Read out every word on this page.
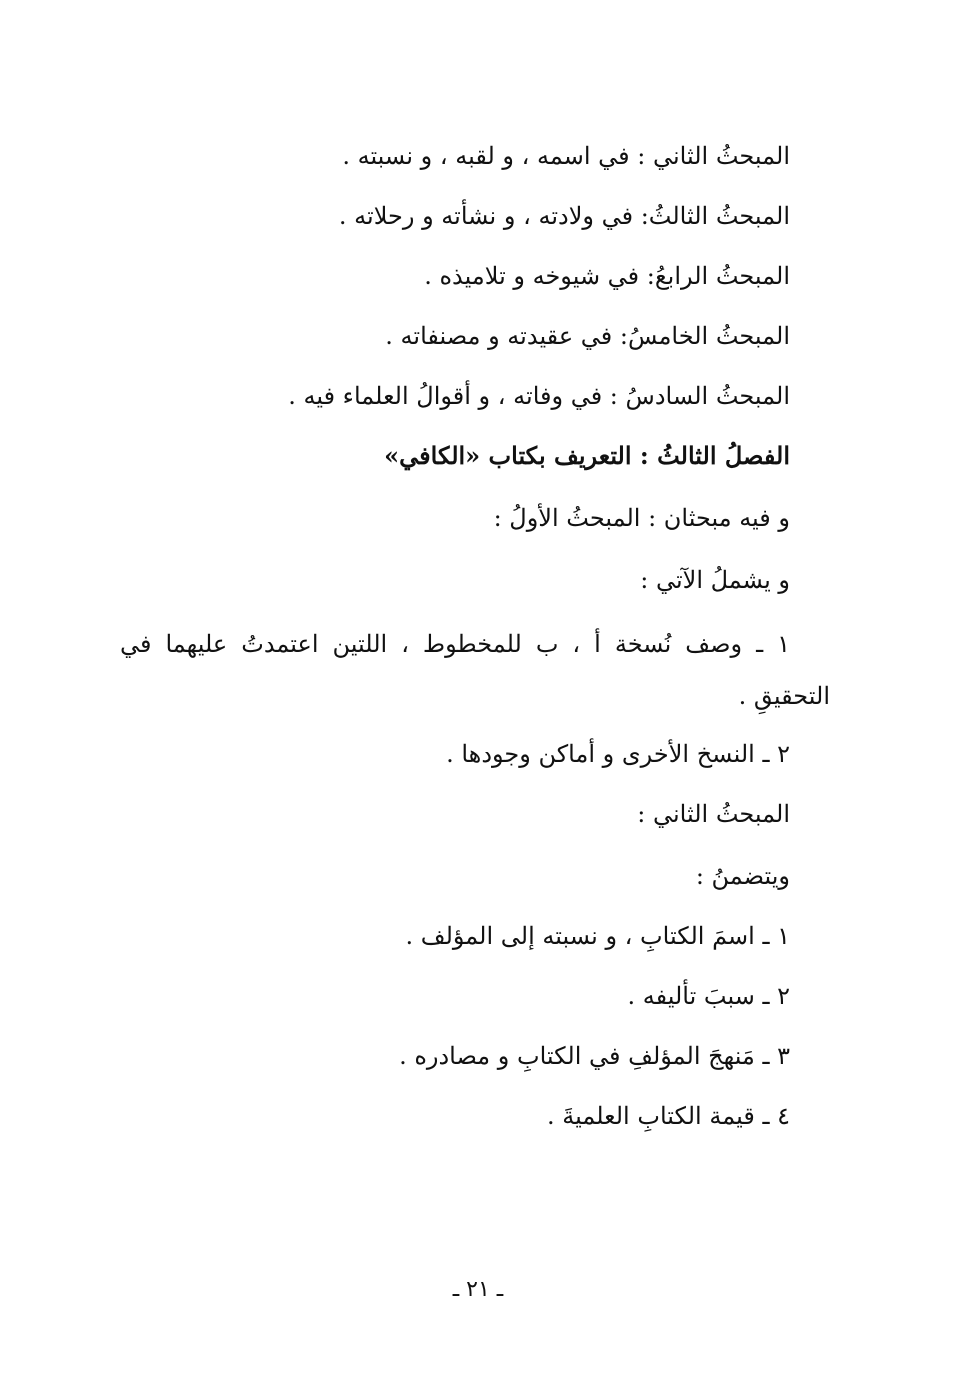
المبحثُ الثاني : في اسمه ، و لقبه ، و نسبته .
المبحثُ الثالثُ: في ولادته ، و نشأته و رحلاته .
المبحثُ الرابعُ: في شيوخه و تلاميذه .
المبحثُ الخامسُ: في عقيدته و مصنفاته .
المبحثُ السادسُ : في وفاته ، و أقوالُ العلماء فيه .
الفصلُ الثالثُ : التعريف بكتاب «الكافي»
و فيه مبحثان : المبحثُ الأولُ :
و يشملُ الآتي :
١ ـ وصف نُسخة أ ، ب للمخطوط ، اللتين اعتمدتُ عليهما في
التحقيقِ .
٢ ـ النسخ الأخرى و أماكن وجودها .
المبحثُ الثاني :
ويتضمنُ :
١ ـ اسمَ الكتابِ ، و نسبته إلى المؤلف .
٢ ـ سببَ تأليفه .
٣ ـ مَنهجَ المؤلفِ في الكتابِ و مصادره .
٤ ـ قيمة الكتابِ العلميةَ .
ـ ٢١ ـ
